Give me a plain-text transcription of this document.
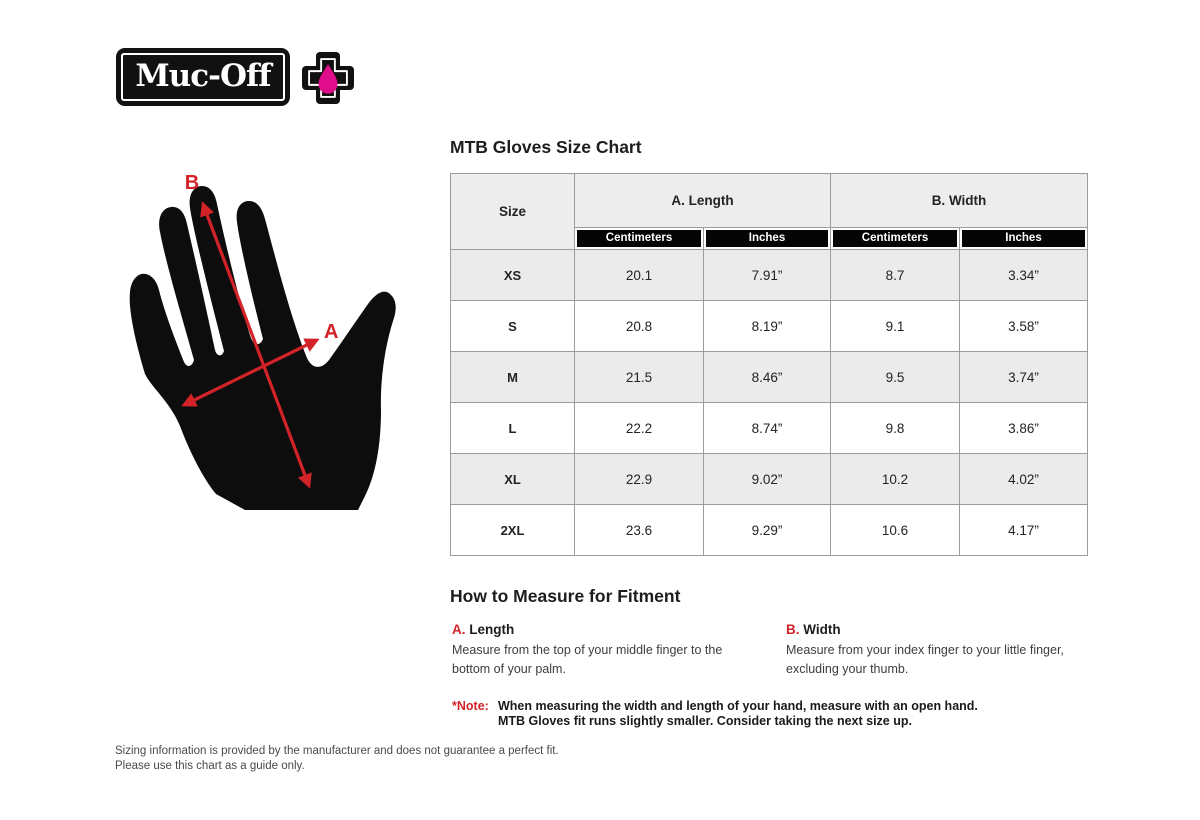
Muc-Off
B
A
MTB Gloves Size Chart
Size	A. Length		B. Width	

	Centimeters	Inches	Centimeters	Inches

XS	20.1	7.91”	8.7	3.34”
S	20.8	8.19”	9.1	3.58”
M	21.5	8.46”	9.5	3.74”
L	22.2	8.74”	9.8	3.86”
XL	22.9	9.02”	10.2	4.02”
2XL	23.6	9.29”	10.6	4.17”
How to Measure for Fitment
A. Length
Measure from the top of your middle finger to the bottom of your palm.
B. Width
Measure from your index finger to your little finger, excluding your thumb.
*Note: When measuring the width and length of your hand, measure with an open hand.
MTB Gloves fit runs slightly smaller. Consider taking the next size up.
Sizing information is provided by the manufacturer and does not guarantee a perfect fit.
Please use this chart as a guide only.
